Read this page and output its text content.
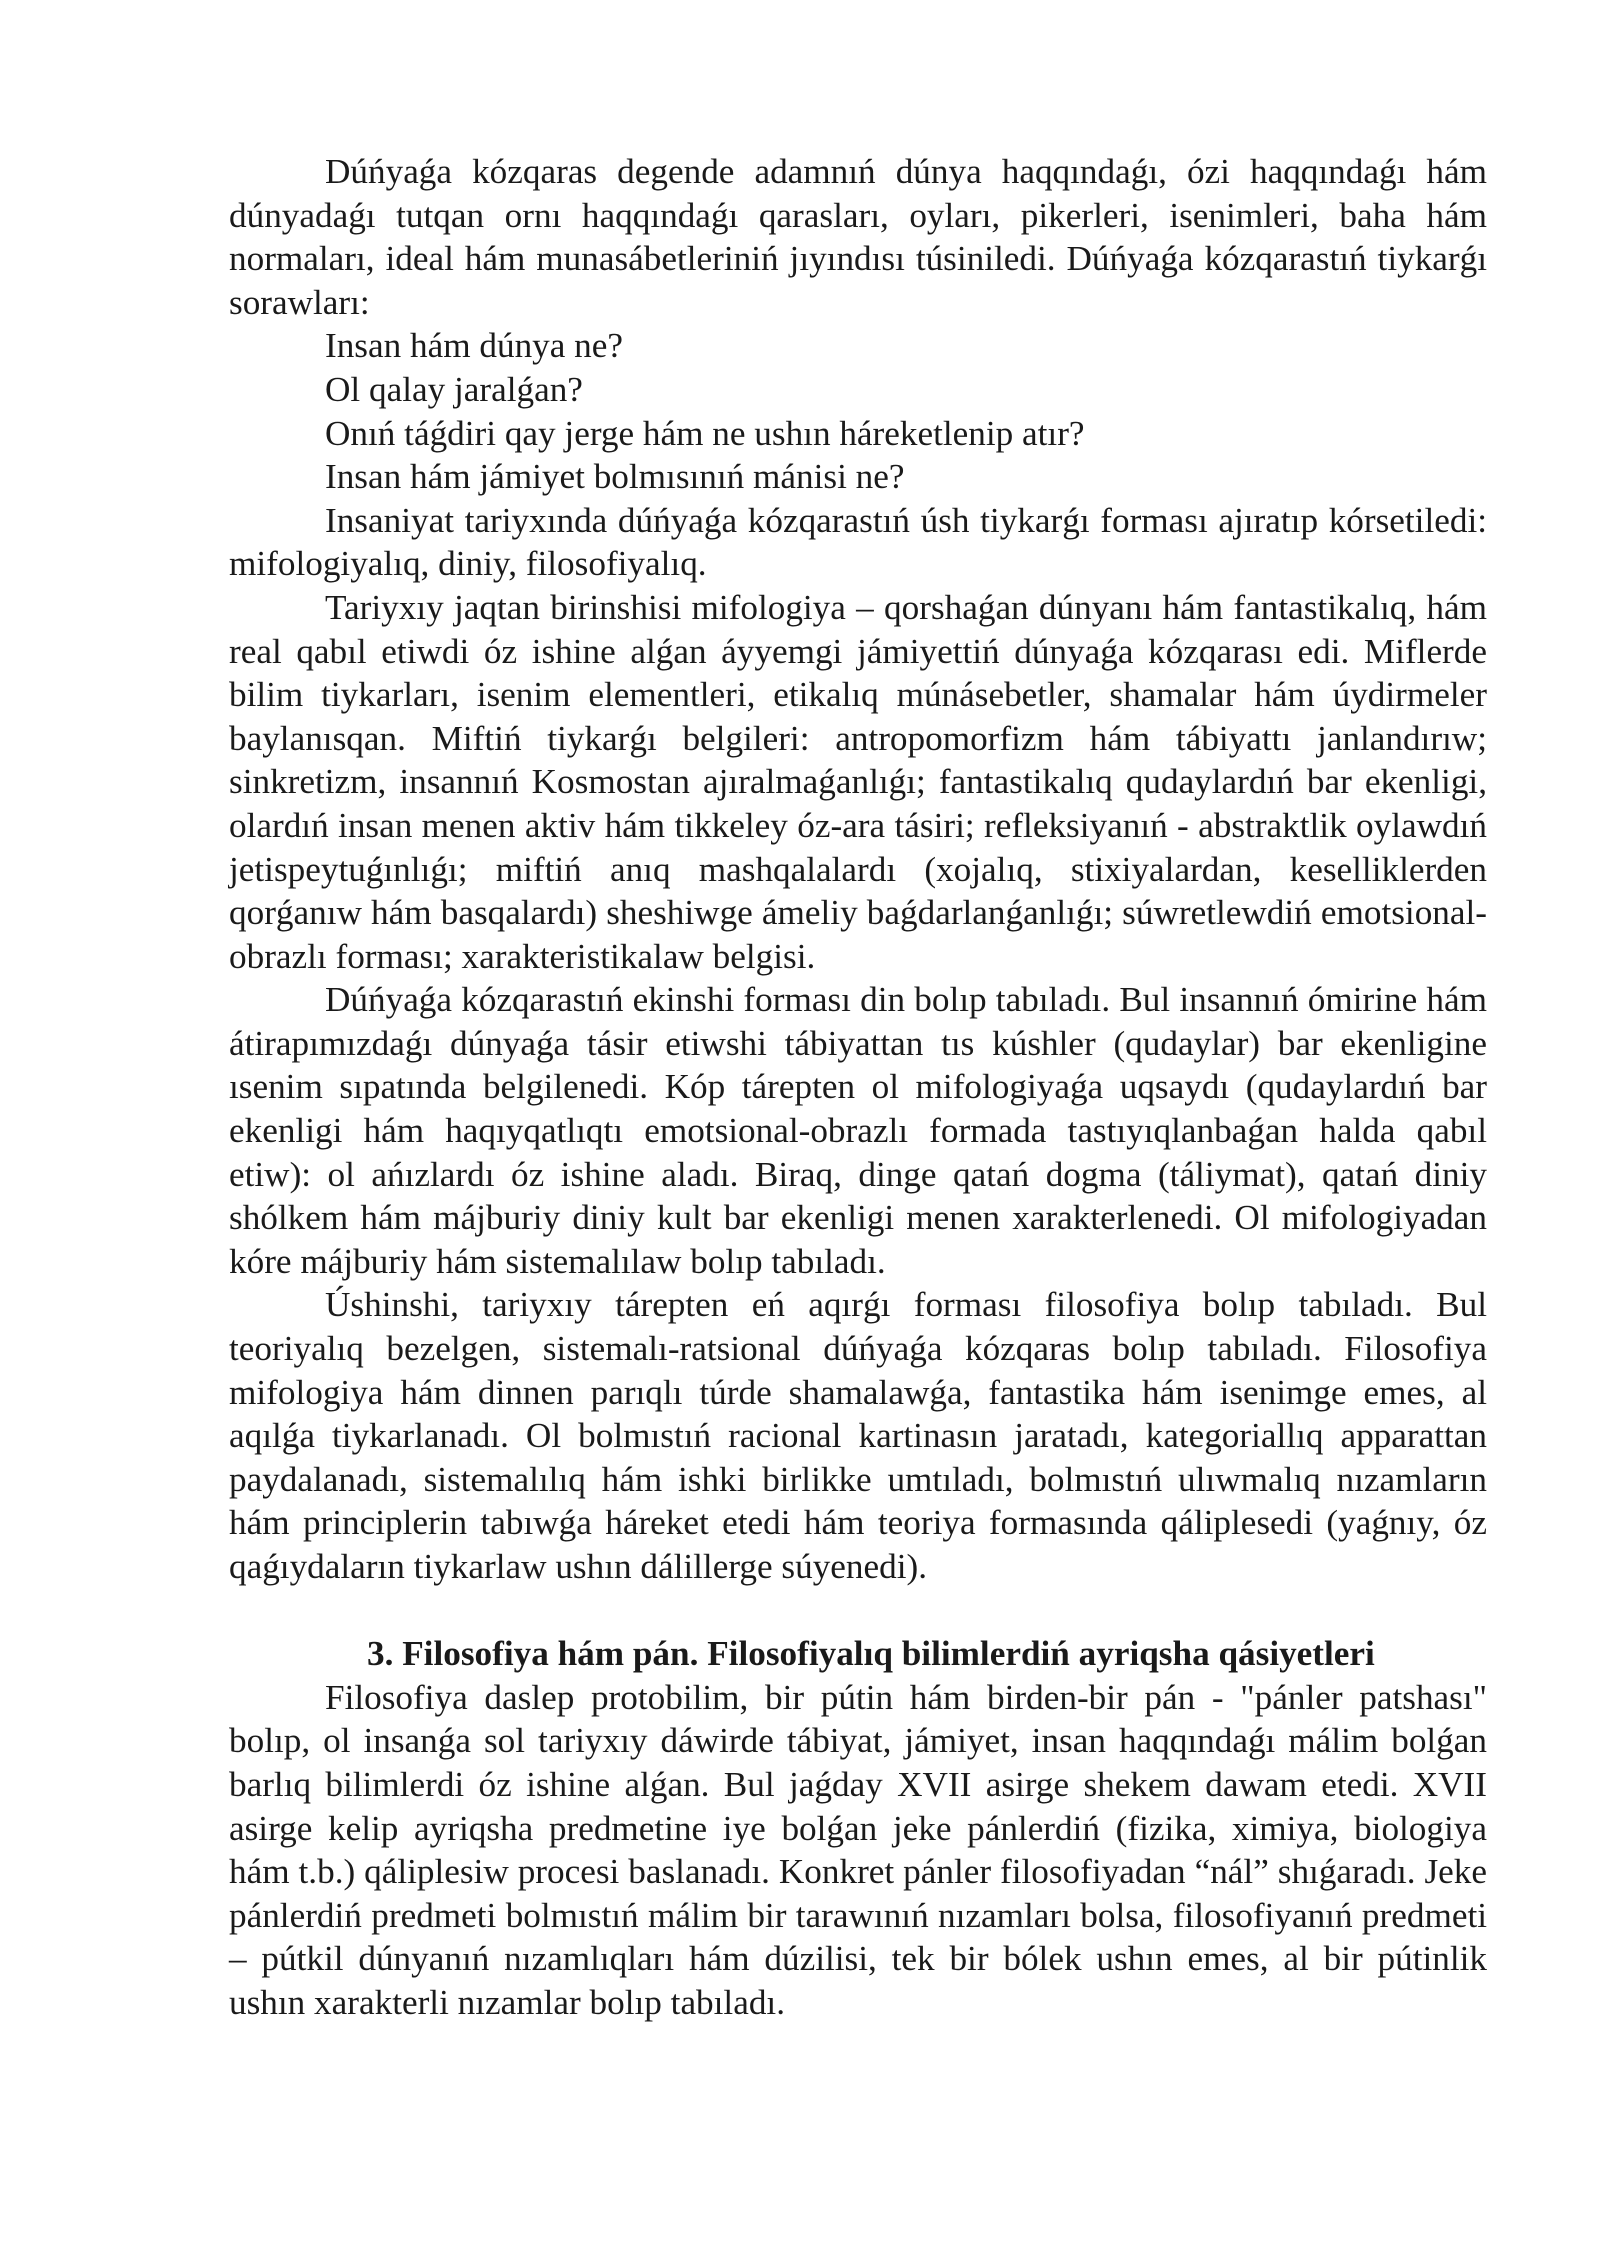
Dúńyaǵa kózqaras degende adamnıń dúnya haqqındaǵı, ózi haqqındaǵı hám dúnyadaǵı tutqan ornı haqqındaǵı qarasları, oyları, pikerleri, isenimleri, baha hám normaları, ideal hám munasábetleriniń jıyındısı túsiniledi. Dúńyaǵa kózqarastıń tiykarǵı sorawları:

Insan hám dúnya ne?

Ol qalay jaralǵan?

Onıń táǵdiri qay jerge hám ne ushın háreketlenip atır?

Insan hám jámiyet bolmısınıń mánisi ne?

Insaniyat tariyxında dúńyaǵa kózqarastıń úsh tiykarǵı forması ajıratıp kórsetiledi: mifologiyalıq, diniy, filosofiyalıq.

Tariyxıy jaqtan birinshisi mifologiya – qorshaǵan dúnyanı hám fantastikalıq, hám real qabıl etiwdi óz ishine alǵan áyyemgi jámiyettiń dúnyaǵa kózqarası edi. Miflerde bilim tiykarları, isenim elementleri, etikalıq múnásebetler, shamalar hám úydirmeler baylanısqan. Miftiń tiykarǵı belgileri: antropomorfizm hám tábiyattı janlandırıw; sinkretizm, insannıń Kosmostan ajıralmaǵanlıǵı; fantastikalıq qudaylardıń bar ekenligi, olardıń insan menen aktiv hám tikkeley óz-ara tásiri; refleksiyanıń - abstraktlik oylawdıń jetispeytuǵınlıǵı; miftiń anıq mashqalalardı (xojalıq, stixiyalardan, keselliklerden qorǵanıw hám basqalardı) sheshiwge ámeliy baǵdarlanǵanlıǵı; súwretlewdiń emotsional-obrazlı forması; xarakteristikalaw belgisi.

Dúńyaǵa kózqarastıń ekinshi forması din bolıp tabıladı. Bul insannıń ómirine hám átirapımızdaǵı dúnyaǵa tásir etiwshi tábiyattan tıs kúshler (qudaylar) bar ekenligine ısenim sıpatında belgilenedi. Kóp tárepten ol mifologiyaǵa uqsaydı (qudaylardıń bar ekenligi hám haqıyqatlıqtı emotsional-obrazlı formada tastıyıqlanbaǵan halda qabıl etiw): ol ańızlardı óz ishine aladı. Biraq, dinge qatań dogma (táliymat), qatań diniy shólkem hám májburiy diniy kult bar ekenligi menen xarakterlenedi. Ol mifologiyadan kóre májburiy hám sistemalılaw bolıp tabıladı.

Úshinshi, tariyxıy tárepten eń aqırǵı forması filosofiya bolıp tabıladı. Bul teoriyalıq bezelgen, sistemalı-ratsional dúńyaǵa kózqaras bolıp tabıladı. Filosofiya mifologiya hám dinnen parıqlı túrde shamalawǵa, fantastika hám isenimge emes, al aqılǵa tiykarlanadı. Ol bolmıstıń racional kartinasın jaratadı, kategoriallıq apparattan paydalanadı, sistemalılıq hám ishki birlikke umtıladı, bolmıstıń ulıwmalıq nızamların hám principlerin tabıwǵa háreket etedi hám teoriya formasında qáliplesedi (yaǵnıy, óz qaǵıydaların tiykarlaw ushın dálillerge súyenedi).

3. Filosofiya hám pán. Filosofiyalıq bilimlerdiń ayriqsha qásiyetleri

Filosofiya daslep protobilim, bir pútin hám birden-bir pán - "pánler patshası" bolıp, ol insanǵa sol tariyxıy dáwirde tábiyat, jámiyet, insan haqqındaǵı málim bolǵan barlıq bilimlerdi óz ishine alǵan. Bul jaǵday XVII asirge shekem dawam etedi. XVII asirge kelip ayriqsha predmetine iye bolǵan jeke pánlerdiń (fizika, ximiya, biologiya hám t.b.) qáliplesiw procesi baslanadı. Konkret pánler filosofiyadan “nál” shıǵaradı. Jeke pánlerdiń predmeti bolmıstıń málim bir tarawınıń nızamları bolsa, filosofiyanıń predmeti – pútkil dúnyanıń nızamlıqları hám dúzilisi, tek bir bólek ushın emes, al bir pútinlik ushın xarakterli nızamlar bolıp tabıladı.
